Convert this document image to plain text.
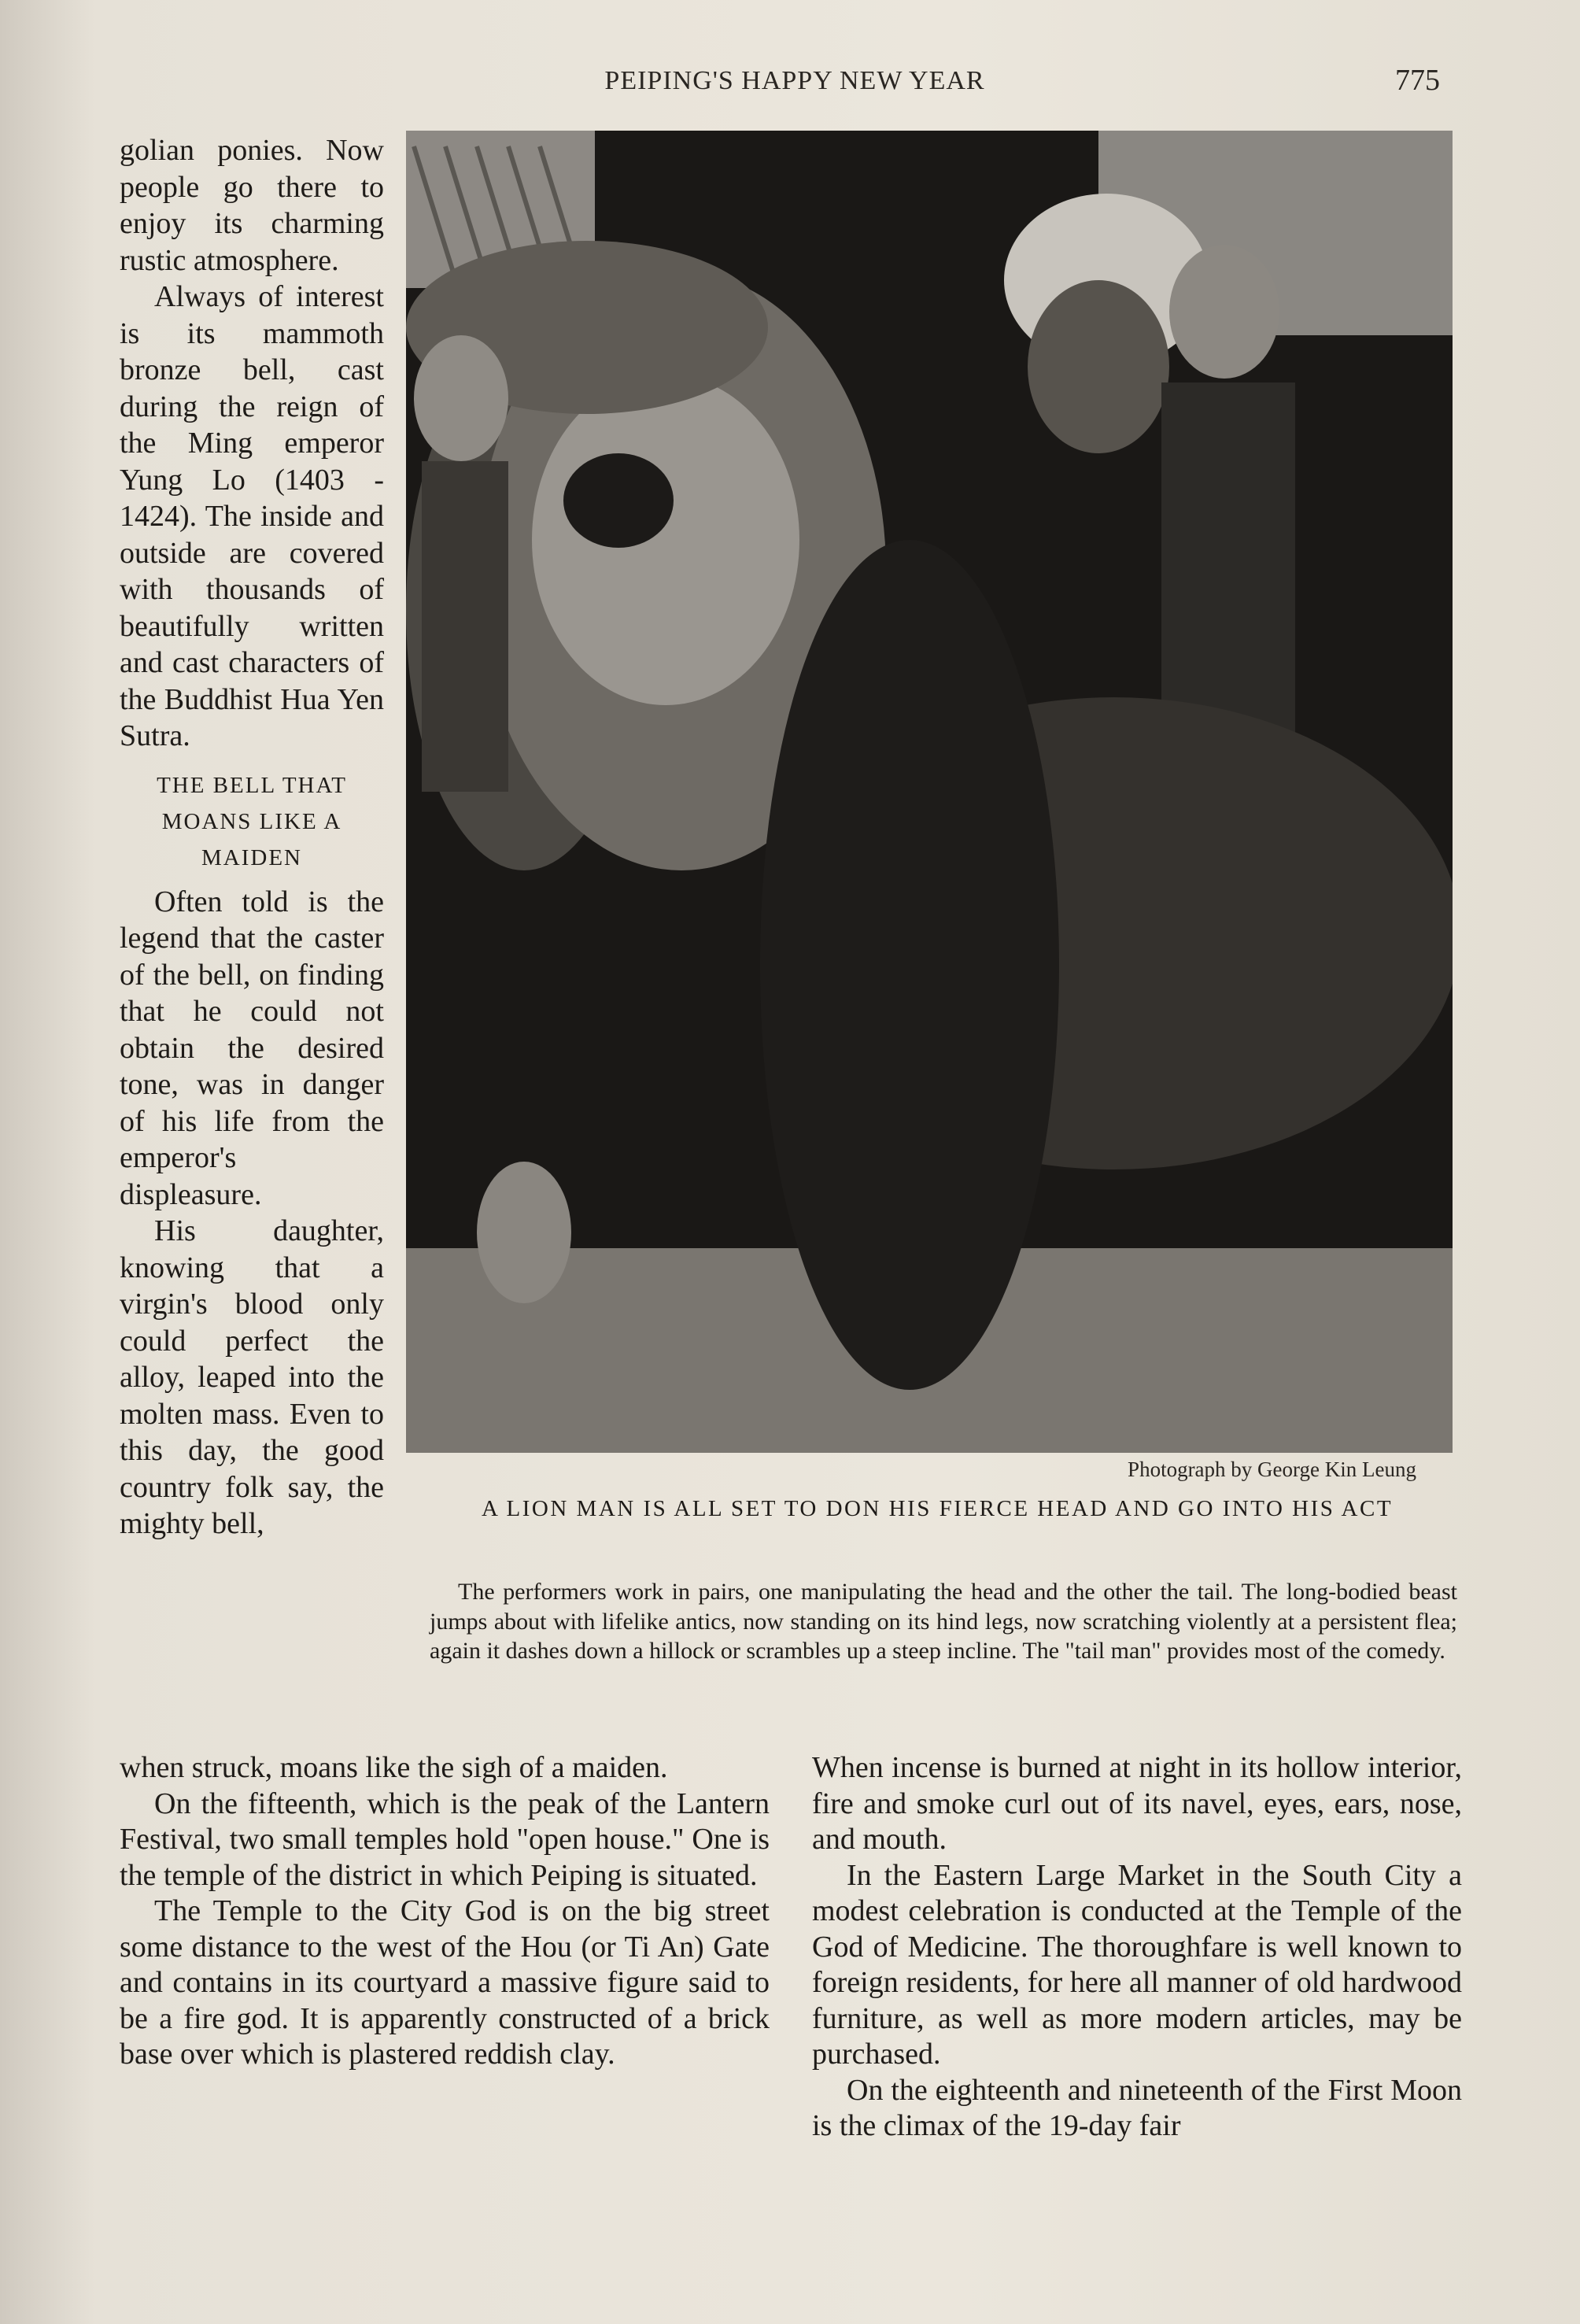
PEIPING'S HAPPY NEW YEAR	775

golian ponies. Now people go there to enjoy its charming rustic atmosphere.

Always of interest is its mammoth bronze bell, cast during the reign of the Ming emperor Yung Lo (1403 - 1424). The inside and outside are covered with thousands of beautifully written and cast characters of the Buddhist Hua Yen Sutra.

THE BELL THAT MOANS LIKE A MAIDEN

Often told is the legend that the caster of the bell, on finding that he could not obtain the desired tone, was in danger of his life from the emperor's displeasure.

His daughter, knowing that a virgin's blood only could perfect the alloy, leaped into the molten mass. Even to this day, the good country folk say, the mighty bell,

Photograph by George Kin Leung
A LION MAN IS ALL SET TO DON HIS FIERCE HEAD AND GO INTO HIS ACT
The performers work in pairs, one manipulating the head and the other the tail. The long-bodied beast jumps about with lifelike antics, now standing on its hind legs, now scratching violently at a persistent flea; again it dashes down a hillock or scrambles up a steep incline. The "tail man" provides most of the comedy.

when struck, moans like the sigh of a maiden.

On the fifteenth, which is the peak of the Lantern Festival, two small temples hold "open house." One is the temple of the district in which Peiping is situated.

The Temple to the City God is on the big street some distance to the west of the Hou (or Ti An) Gate and contains in its courtyard a massive figure said to be a fire god. It is apparently constructed of a brick base over which is plastered reddish clay.

When incense is burned at night in its hollow interior, fire and smoke curl out of its navel, eyes, ears, nose, and mouth.

In the Eastern Large Market in the South City a modest celebration is conducted at the Temple of the God of Medicine. The thoroughfare is well known to foreign residents, for here all manner of old hardwood furniture, as well as more modern articles, may be purchased.

On the eighteenth and nineteenth of the First Moon is the climax of the 19-day fair
